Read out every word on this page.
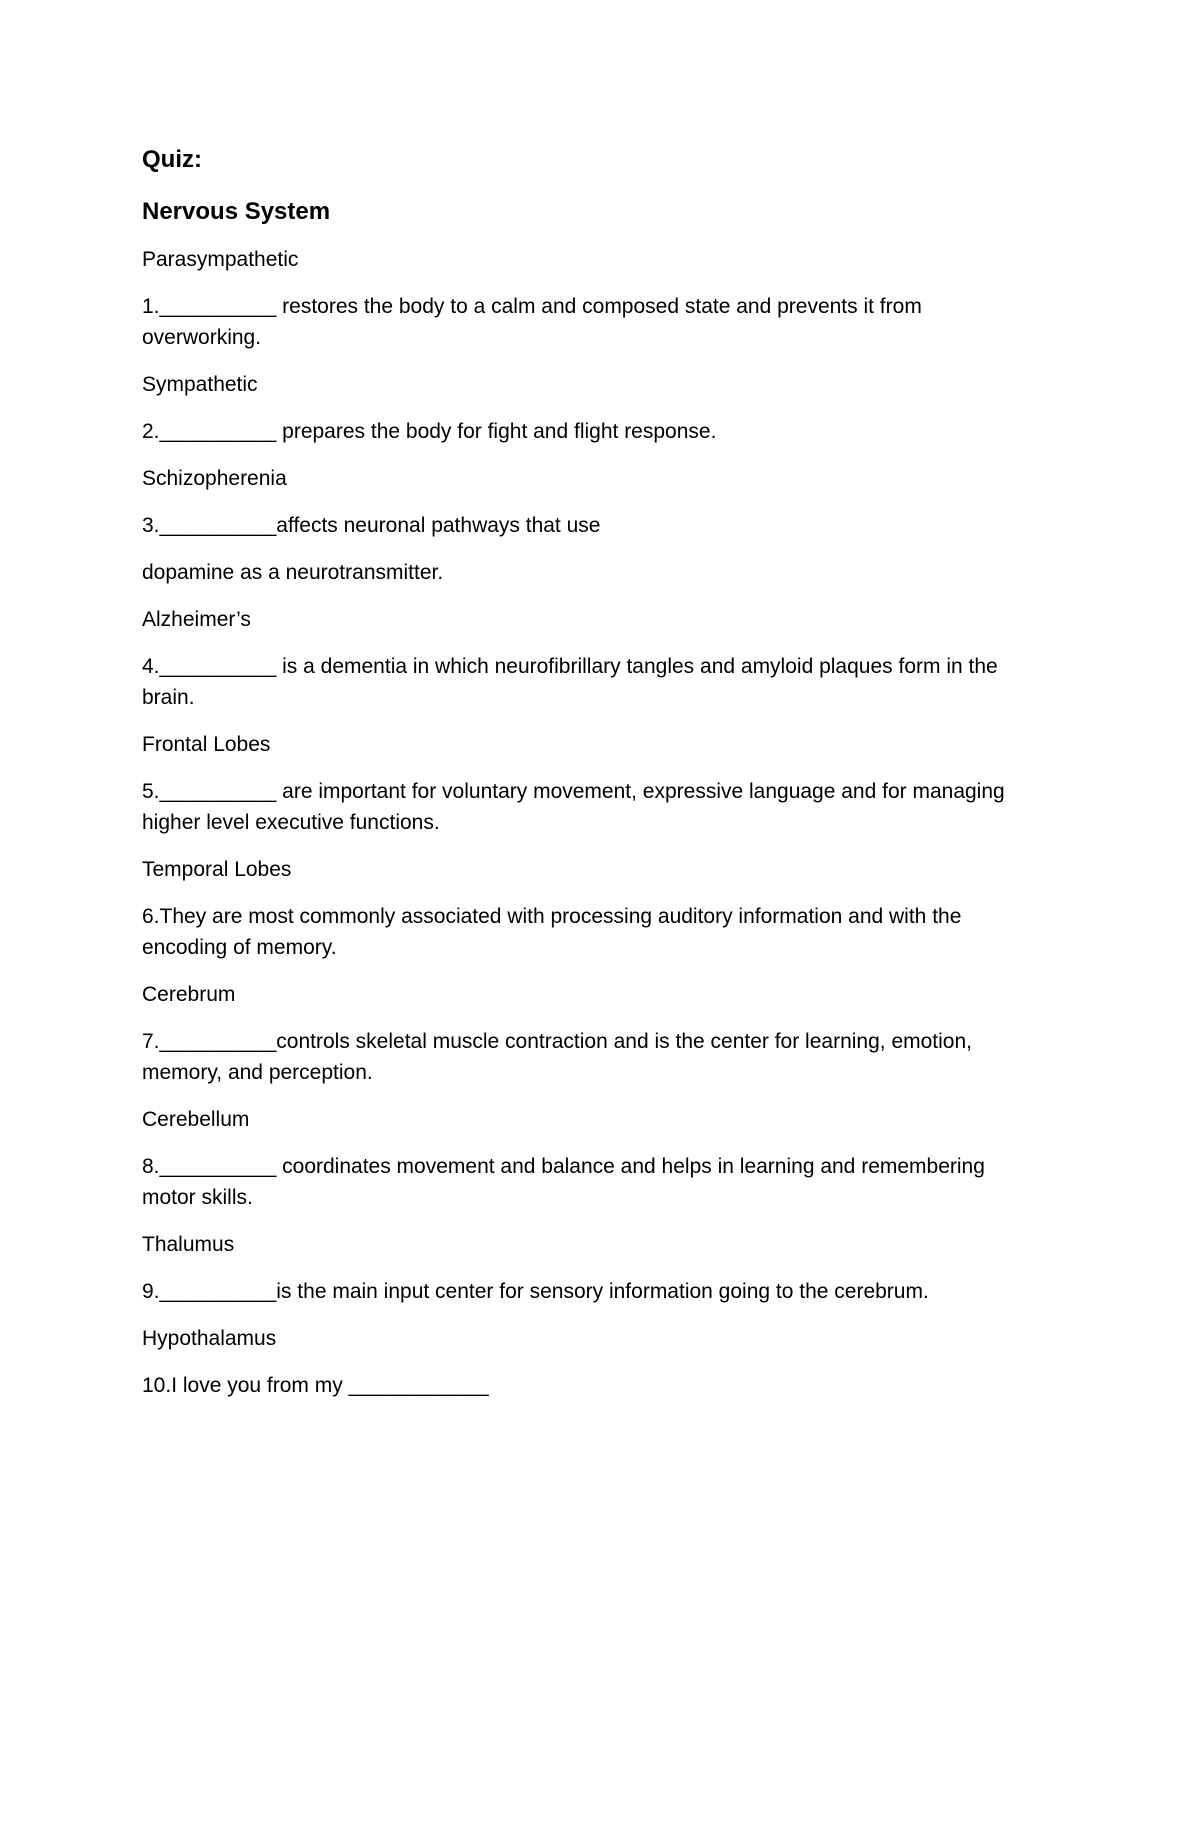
Quiz:
Nervous System
Parasympathetic
1.__________ restores the body to a calm and composed state and prevents it from overworking.
Sympathetic
2.__________ prepares the body for fight and flight response.
Schizopherenia
3.__________affects neuronal pathways that use
dopamine as a neurotransmitter.
Alzheimer’s
4.__________ is a dementia in which neurofibrillary tangles and amyloid plaques form in the brain.
Frontal Lobes
5.__________ are important for voluntary movement, expressive language and for managing higher level executive functions.
Temporal Lobes
6.They are most commonly associated with processing auditory information and with the encoding of memory.
Cerebrum
7.__________controls skeletal muscle contraction and is the center for learning, emotion, memory, and perception.
Cerebellum
8.__________ coordinates movement and balance and helps in learning and remembering motor skills.
Thalumus
9.__________is the main input center for sensory information going to the cerebrum.
Hypothalamus
10.I love you from my ____________
